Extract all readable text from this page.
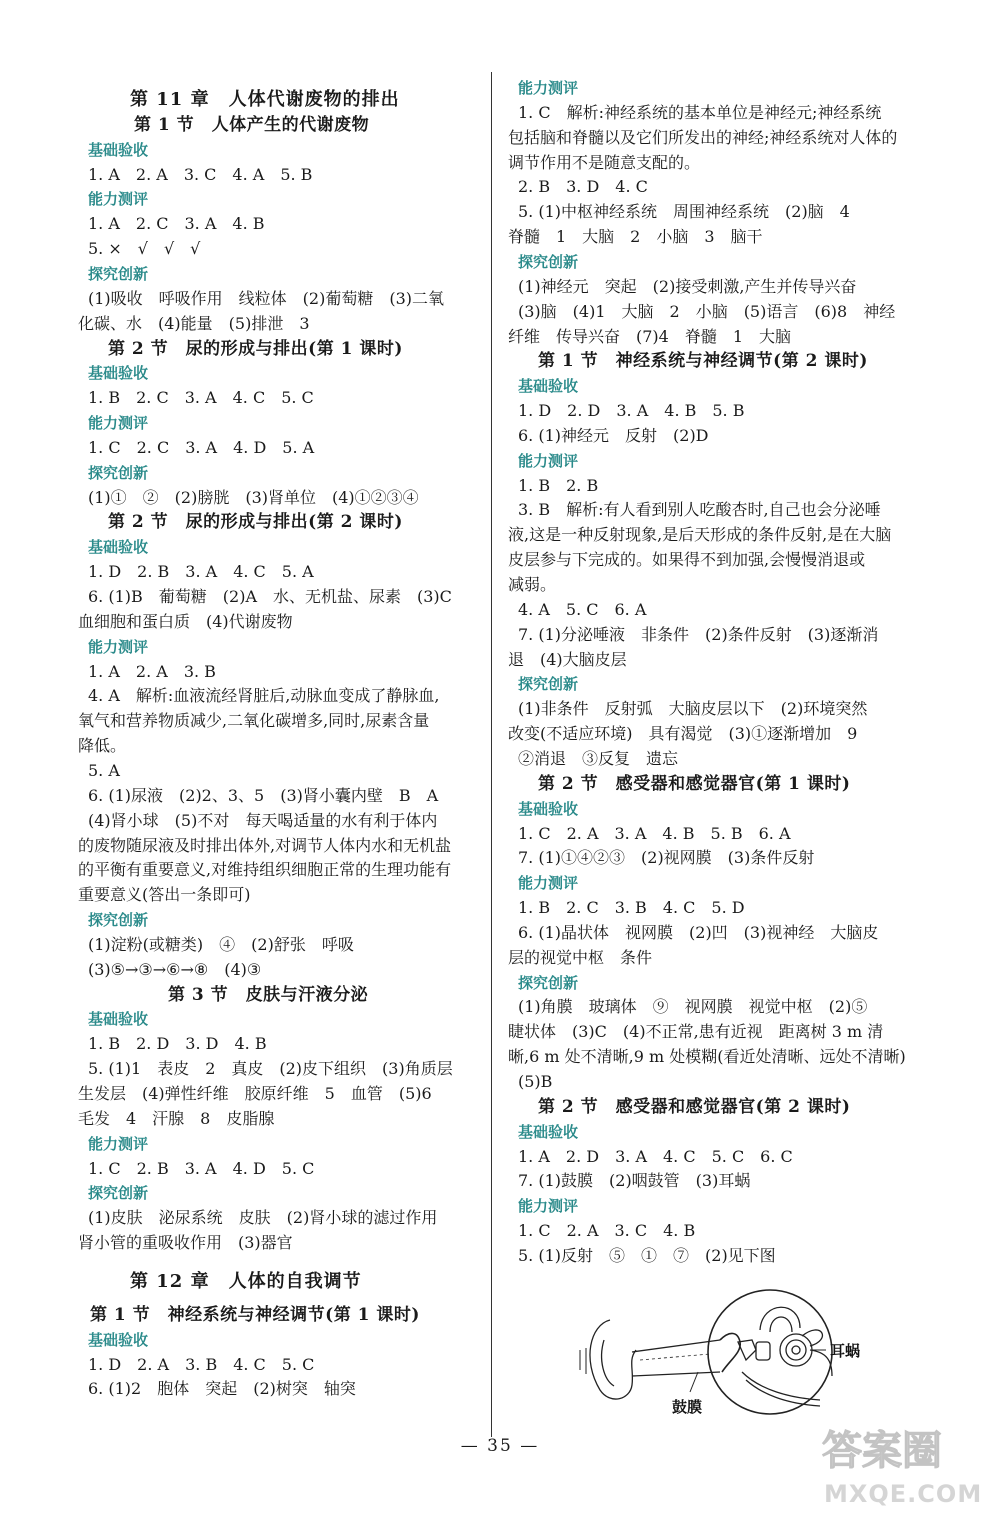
第 11 章　人体代谢废物的排出
第 1 节　人体产生的代谢废物
基础验收
1. A　2. A　3. C　4. A　5. B
能力测评
1. A　2. C　3. A　4. B
5. ×　√　√　√
探究创新
(1)吸收　呼吸作用　线粒体　(2)葡萄糖　(3)二氧
化碳、水　(4)能量　(5)排泄　3
第 2 节　尿的形成与排出(第 1 课时)
基础验收
1. B　2. C　3. A　4. C　5. C
能力测评
1. C　2. C　3. A　4. D　5. A
探究创新
(1)①　②　(2)膀胱　(3)肾单位　(4)①②③④
第 2 节　尿的形成与排出(第 2 课时)
基础验收
1. D　2. B　3. A　4. C　5. A
6. (1)B　葡萄糖　(2)A　水、无机盐、尿素　(3)C
血细胞和蛋白质　(4)代谢废物
能力测评
1. A　2. A　3. B
4. A　解析:血液流经肾脏后,动脉血变成了静脉血,
氧气和营养物质减少,二氧化碳增多,同时,尿素含量
降低。
5. A
6. (1)尿液　(2)2、3、5　(3)肾小囊内壁　B　A
(4)肾小球　(5)不对　每天喝适量的水有利于体内
的废物随尿液及时排出体外,对调节人体内水和无机盐
的平衡有重要意义,对维持组织细胞正常的生理功能有
重要意义(答出一条即可)
探究创新
(1)淀粉(或糖类)　④　(2)舒张　呼吸
(3)⑤→③→⑥→⑧　(4)③
第 3 节　皮肤与汗液分泌
基础验收
1. B　2. D　3. D　4. B
5. (1)1　表皮　2　真皮　(2)皮下组织　(3)角质层
生发层　(4)弹性纤维　胶原纤维　5　血管　(5)6
毛发　4　汗腺　8　皮脂腺
能力测评
1. C　2. B　3. A　4. D　5. C
探究创新
(1)皮肤　泌尿系统　皮肤　(2)肾小球的滤过作用
肾小管的重吸收作用　(3)器官
第 12 章　人体的自我调节
第 1 节　神经系统与神经调节(第 1 课时)
基础验收
1. D　2. A　3. B　4. C　5. C
6. (1)2　胞体　突起　(2)树突　轴突
能力测评
1. C　解析:神经系统的基本单位是神经元;神经系统
包括脑和脊髓以及它们所发出的神经;神经系统对人体的
调节作用不是随意支配的。
2. B　3. D　4. C
5. (1)中枢神经系统　周围神经系统　(2)脑　4
脊髓　1　大脑　2　小脑　3　脑干
探究创新
(1)神经元　突起　(2)接受刺激,产生并传导兴奋
(3)脑　(4)1　大脑　2　小脑　(5)语言　(6)8　神经
纤维　传导兴奋　(7)4　脊髓　1　大脑
第 1 节　神经系统与神经调节(第 2 课时)
基础验收
1. D　2. D　3. A　4. B　5. B
6. (1)神经元　反射　(2)D
能力测评
1. B　2. B
3. B　解析:有人看到别人吃酸杏时,自己也会分泌唾
液,这是一种反射现象,是后天形成的条件反射,是在大脑
皮层参与下完成的。如果得不到加强,会慢慢消退或
减弱。
4. A　5. C　6. A
7. (1)分泌唾液　非条件　(2)条件反射　(3)逐渐消
退　(4)大脑皮层
探究创新
(1)非条件　反射弧　大脑皮层以下　(2)环境突然
改变(不适应环境)　具有渴觉　(3)①逐渐增加　9
②消退　③反复　遗忘
第 2 节　感受器和感觉器官(第 1 课时)
基础验收
1. C　2. A　3. A　4. B　5. B　6. A
7. (1)①④②③　(2)视网膜　(3)条件反射
能力测评
1. B　2. C　3. B　4. C　5. D
6. (1)晶状体　视网膜　(2)凹　(3)视神经　大脑皮
层的视觉中枢　条件
探究创新
(1)角膜　玻璃体　⑨　视网膜　视觉中枢　(2)⑤
睫状体　(3)C　(4)不正常,患有近视　距离树 3 m 清
晰,6 m 处不清晰,9 m 处模糊(看近处清晰、远处不清晰)
(5)B
第 2 节　感受器和感觉器官(第 2 课时)
基础验收
1. A　2. D　3. A　4. C　5. C　6. C
7. (1)鼓膜　(2)咽鼓管　(3)耳蜗
能力测评
1. C　2. A　3. C　4. B
5. (1)反射　⑤　①　⑦　(2)见下图
耳蜗
鼓膜
— 35 —	答案圈
MXQE.COM
